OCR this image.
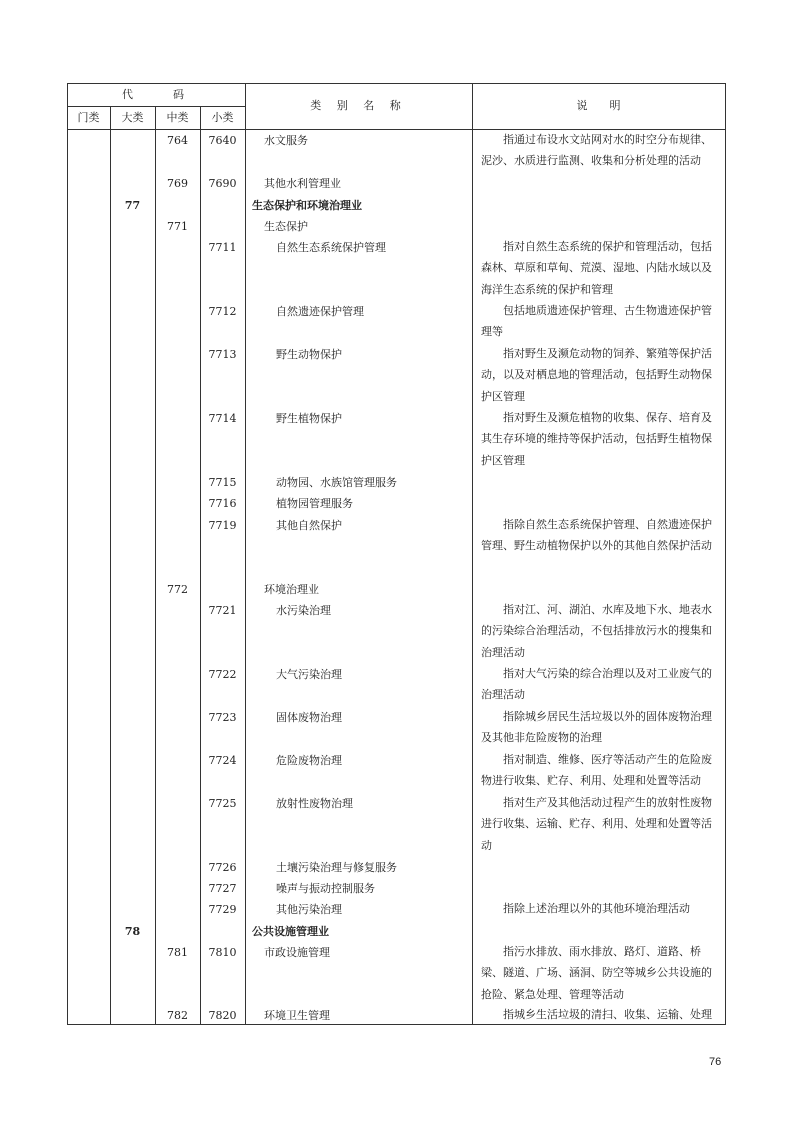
代　　码
门类	大类	中类	小类
类 别 名 称	说　　明
764	7640	水文服务	指通过布设水文站网对水的时空分布规律、泥沙、水质进行监测、收集和分析处理的活动
769	7690	其他水利管理业
77	生态保护和环境治理业
771	生态保护
7711	自然生态系统保护管理	指对自然生态系统的保护和管理活动，包括森林、草原和草甸、荒漠、湿地、内陆水域以及海洋生态系统的保护和管理
7712	自然遗迹保护管理	包括地质遗迹保护管理、古生物遗迹保护管理等
7713	野生动物保护	指对野生及濒危动物的饲养、繁殖等保护活动，以及对栖息地的管理活动，包括野生动物保护区管理
7714	野生植物保护	指对野生及濒危植物的收集、保存、培育及其生存环境的维持等保护活动，包括野生植物保护区管理
7715	动物园、水族馆管理服务
7716	植物园管理服务
7719	其他自然保护	指除自然生态系统保护管理、自然遗迹保护管理、野生动植物保护以外的其他自然保护活动
772	环境治理业
7721	水污染治理	指对江、河、湖泊、水库及地下水、地表水的污染综合治理活动，不包括排放污水的搜集和治理活动
7722	大气污染治理	指对大气污染的综合治理以及对工业废气的治理活动
7723	固体废物治理	指除城乡居民生活垃圾以外的固体废物治理及其他非危险废物的治理
7724	危险废物治理	指对制造、维修、医疗等活动产生的危险废物进行收集、贮存、利用、处理和处置等活动
7725	放射性废物治理	指对生产及其他活动过程产生的放射性废物进行收集、运输、贮存、利用、处理和处置等活动
7726	土壤污染治理与修复服务
7727	噪声与振动控制服务
7729	其他污染治理	指除上述治理以外的其他环境治理活动
78	公共设施管理业
781	7810	市政设施管理	指污水排放、雨水排放、路灯、道路、桥梁、隧道、广场、涵洞、防空等城乡公共设施的抢险、紧急处理、管理等活动
782	7820	环境卫生管理	指城乡生活垃圾的清扫、收集、运输、处理
76
